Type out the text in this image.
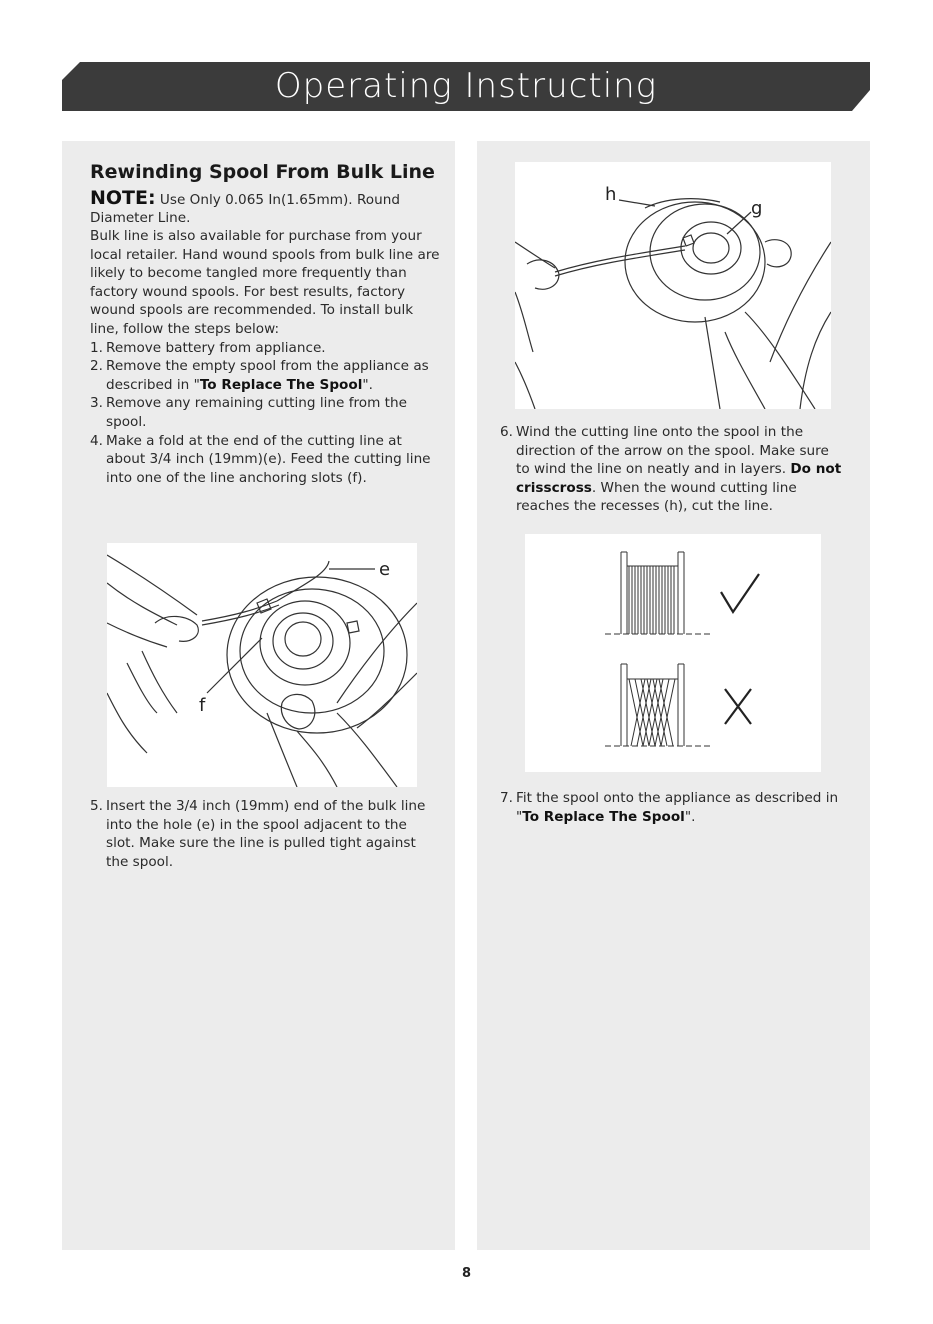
Operating Instructing
Rewinding Spool From Bulk Line
NOTE: Use Only 0.065 In(1.65mm). Round Diameter Line.
Bulk line is also available for purchase from your local retailer. Hand wound spools from bulk line are likely to become tangled more frequently than factory wound spools. For best results, factory wound spools are recommended. To install bulk line, follow the steps below:
1. Remove battery from appliance.
2. Remove the empty spool from the appliance as described in "To Replace The Spool".
3. Remove any remaining cutting line from the spool.
4. Make a fold at the end of the cutting line at about 3/4 inch (19mm)(e). Feed the cutting line into one of the line anchoring slots (f).
e
f
5. Insert the 3/4 inch (19mm) end of the bulk line into the hole (e) in the spool adjacent to the slot. Make sure the line is pulled tight against the spool.
h
g
6. Wind the cutting line onto the spool in the direction of the arrow on the spool. Make sure to wind the line on neatly and in layers. Do not crisscross. When the wound cutting line reaches the recesses (h), cut the line.
7. Fit the spool onto the appliance as described in "To Replace The Spool".
8
